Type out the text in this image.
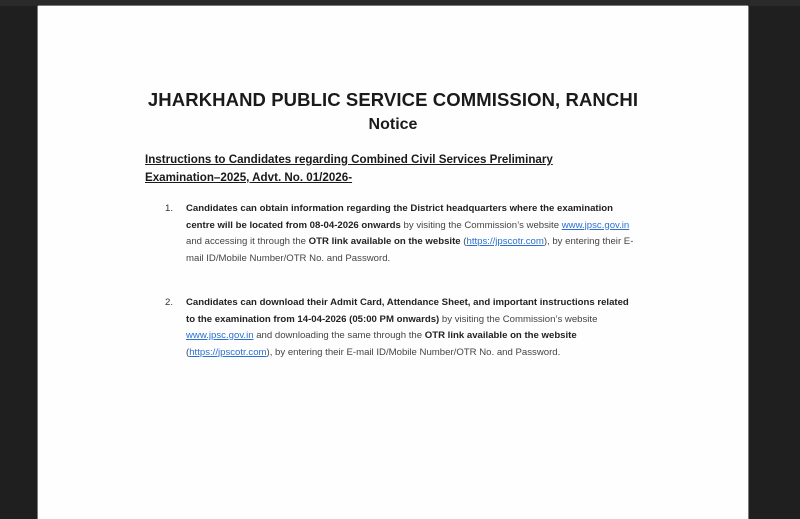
JHARKHAND PUBLIC SERVICE COMMISSION, RANCHI
Notice
Instructions to Candidates regarding Combined Civil Services Preliminary Examination–2025, Advt. No. 01/2026-
1. Candidates can obtain information regarding the District headquarters where the examination centre will be located from 08-04-2026 onwards by visiting the Commission’s website www.jpsc.gov.in and accessing it through the OTR link available on the website (https://jpscotr.com), by entering their E-mail ID/Mobile Number/OTR No. and Password.
2. Candidates can download their Admit Card, Attendance Sheet, and important instructions related to the examination from 14-04-2026 (05:00 PM onwards) by visiting the Commission’s website www.jpsc.gov.in and downloading the same through the OTR link available on the website (https://jpscotr.com), by entering their E-mail ID/Mobile Number/OTR No. and Password.
